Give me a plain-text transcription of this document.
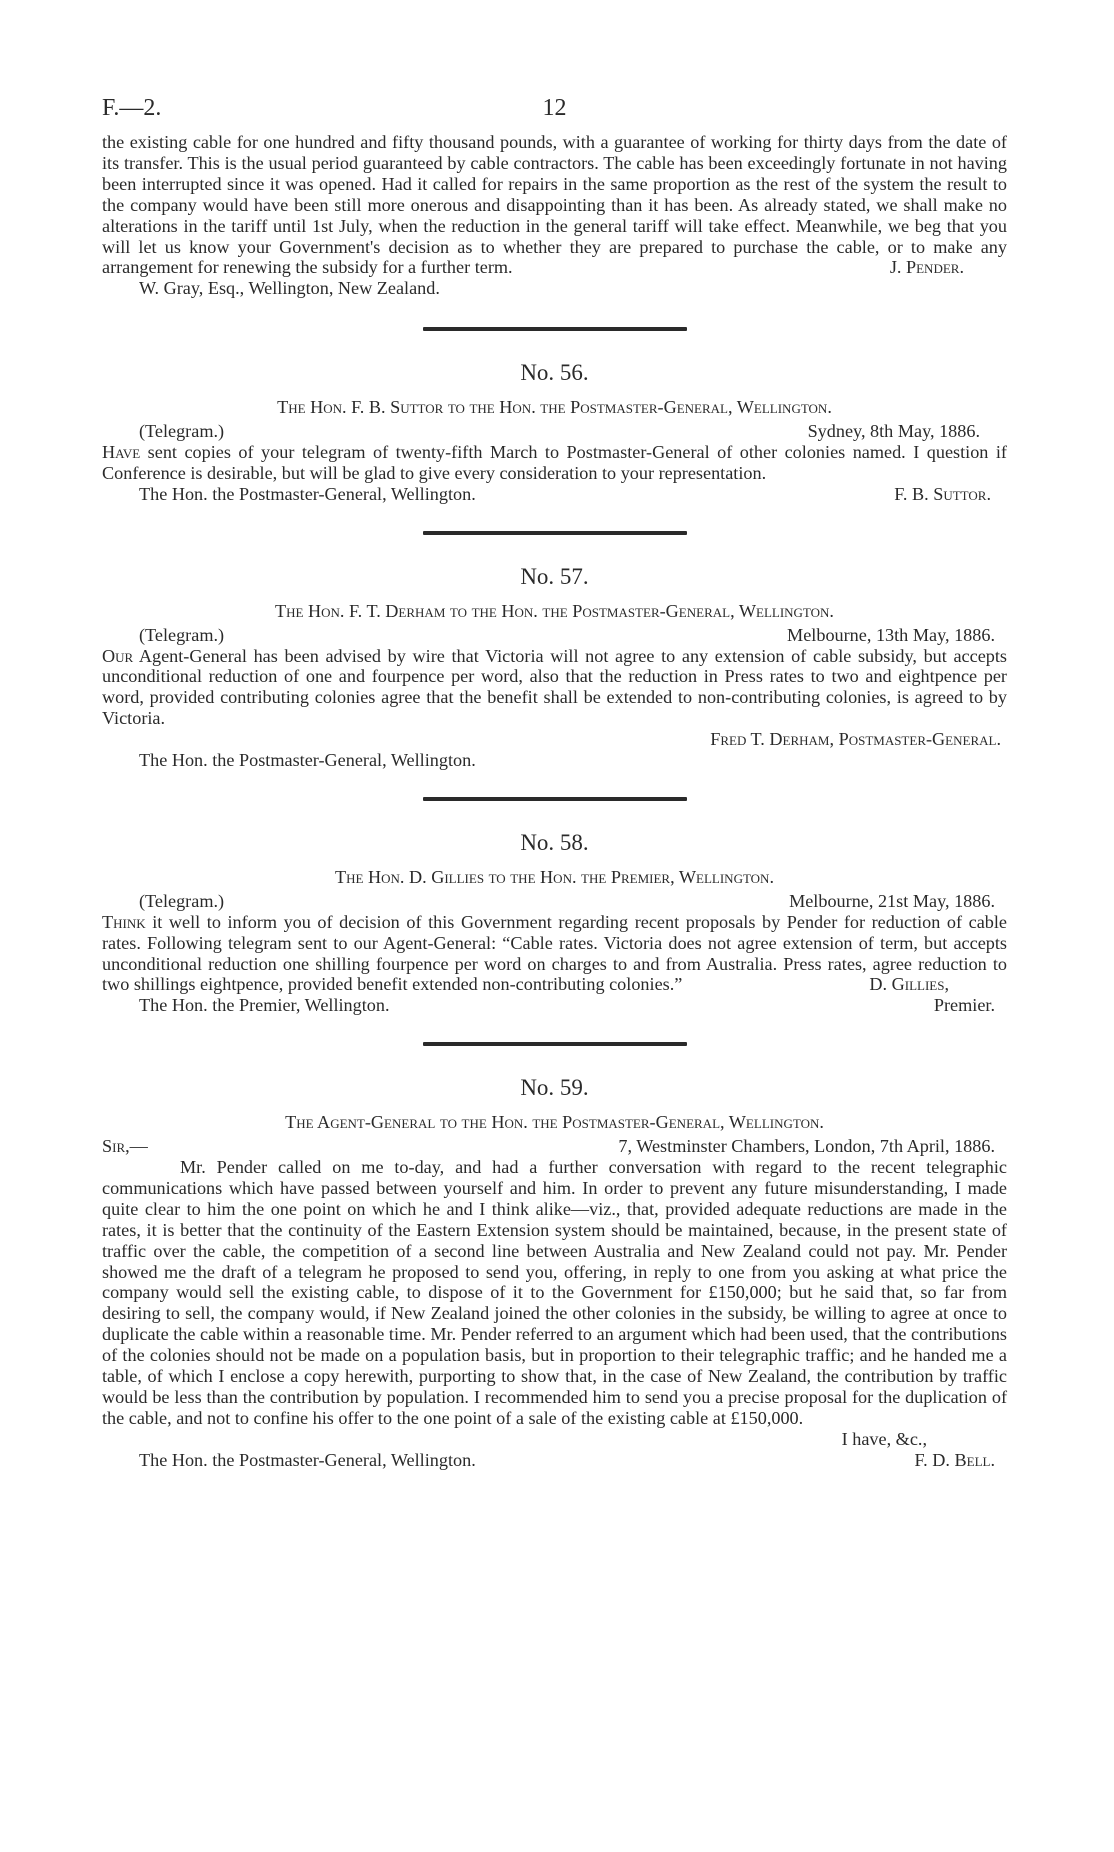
F.—2.	12

the existing cable for one hundred and fifty thousand pounds, with a guarantee of working for thirty days from the date of its transfer. This is the usual period guaranteed by cable contractors. The cable has been exceedingly fortunate in not having been interrupted since it was opened. Had it called for repairs in the same proportion as the rest of the system the result to the company would have been still more onerous and disappointing than it has been. As already stated, we shall make no alterations in the tariff until 1st July, when the reduction in the general tariff will take effect. Meanwhile, we beg that you will let us know your Government's decision as to whether they are prepared to purchase the cable, or to make any arrangement for renewing the subsidy for a further term.	J. Pender.
W. Gray, Esq., Wellington, New Zealand.
No. 56.
The Hon. F. B. Suttor to the Hon. the Postmaster-General, Wellington.
(Telegram.)	Sydney, 8th May, 1886.

Have sent copies of your telegram of twenty-fifth March to Postmaster-General of other colonies named. I question if Conference is desirable, but will be glad to give every consideration to your representation.

The Hon. the Postmaster-General, Wellington.	F. B. Suttor.
No. 57.
The Hon. F. T. Derham to the Hon. the Postmaster-General, Wellington.
(Telegram.)	Melbourne, 13th May, 1886.

Our Agent-General has been advised by wire that Victoria will not agree to any extension of cable subsidy, but accepts unconditional reduction of one and fourpence per word, also that the reduction in Press rates to two and eightpence per word, provided contributing colonies agree that the benefit shall be extended to non-contributing colonies, is agreed to by Victoria.

Fred T. Derham, Postmaster-General.
The Hon. the Postmaster-General, Wellington.
No. 58.
The Hon. D. Gillies to the Hon. the Premier, Wellington.
(Telegram.)	Melbourne, 21st May, 1886.

Think it well to inform you of decision of this Government regarding recent proposals by Pender for reduction of cable rates. Following telegram sent to our Agent-General: “Cable rates. Victoria does not agree extension of term, but accepts unconditional reduction one shilling fourpence per word on charges to and from Australia. Press rates, agree reduction to two shillings eightpence, provided benefit extended non-contributing colonies.”	D. Gillies,
The Hon. the Premier, Wellington.	Premier.
No. 59.
The Agent-General to the Hon. the Postmaster-General, Wellington.
Sir,—	7, Westminster Chambers, London, 7th April, 1886.

Mr. Pender called on me to-day, and had a further conversation with regard to the recent telegraphic communications which have passed between yourself and him. In order to prevent any future misunderstanding, I made quite clear to him the one point on which he and I think alike—viz., that, provided adequate reductions are made in the rates, it is better that the continuity of the Eastern Extension system should be maintained, because, in the present state of traffic over the cable, the competition of a second line between Australia and New Zealand could not pay. Mr. Pender showed me the draft of a telegram he proposed to send you, offering, in reply to one from you asking at what price the company would sell the existing cable, to dispose of it to the Government for £150,000; but he said that, so far from desiring to sell, the company would, if New Zealand joined the other colonies in the subsidy, be willing to agree at once to duplicate the cable within a reasonable time. Mr. Pender referred to an argument which had been used, that the contributions of the colonies should not be made on a population basis, but in proportion to their telegraphic traffic; and he handed me a table, of which I enclose a copy herewith, purporting to show that, in the case of New Zealand, the contribution by traffic would be less than the contribution by population. I recommended him to send you a precise proposal for the duplication of the cable, and not to confine his offer to the one point of a sale of the existing cable at £150,000.

I have, &c.,
The Hon. the Postmaster-General, Wellington.	F. D. Bell.
